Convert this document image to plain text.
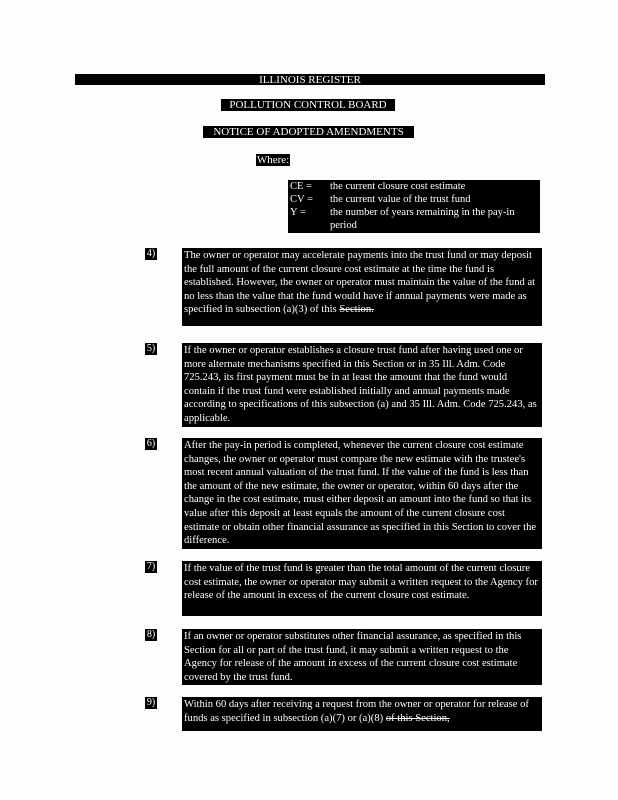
ILLINOIS REGISTER
POLLUTION CONTROL BOARD
NOTICE OF ADOPTED AMENDMENTS
Where:
CE =	the current closure cost estimate
CV =	the current value of the trust fund
Y =	the number of years remaining in the pay-in period
4)	The owner or operator may accelerate payments into the trust fund or may deposit the full amount of the current closure cost estimate at the time the fund is established. However, the owner or operator must maintain the value of the fund at no less than the value that the fund would have if annual payments were made as specified in subsection (a)(3) of this Section.
5)	If the owner or operator establishes a closure trust fund after having used one or more alternate mechanisms specified in this Section or in 35 Ill. Adm. Code 725.243, its first payment must be in at least the amount that the fund would contain if the trust fund were established initially and annual payments made according to specifications of this subsection (a) and 35 Ill. Adm. Code 725.243, as applicable.
6)	After the pay-in period is completed, whenever the current closure cost estimate changes, the owner or operator must compare the new estimate with the trustee's most recent annual valuation of the trust fund. If the value of the fund is less than the amount of the new estimate, the owner or operator, within 60 days after the change in the cost estimate, must either deposit an amount into the fund so that its value after this deposit at least equals the amount of the current closure cost estimate or obtain other financial assurance as specified in this Section to cover the difference.
7)	If the value of the trust fund is greater than the total amount of the current closure cost estimate, the owner or operator may submit a written request to the Agency for release of the amount in excess of the current closure cost estimate.
8)	If an owner or operator substitutes other financial assurance, as specified in this Section for all or part of the trust fund, it may submit a written request to the Agency for release of the amount in excess of the current closure cost estimate covered by the trust fund.
9)	Within 60 days after receiving a request from the owner or operator for release of funds as specified in subsection (a)(7) or (a)(8) of this Section,
